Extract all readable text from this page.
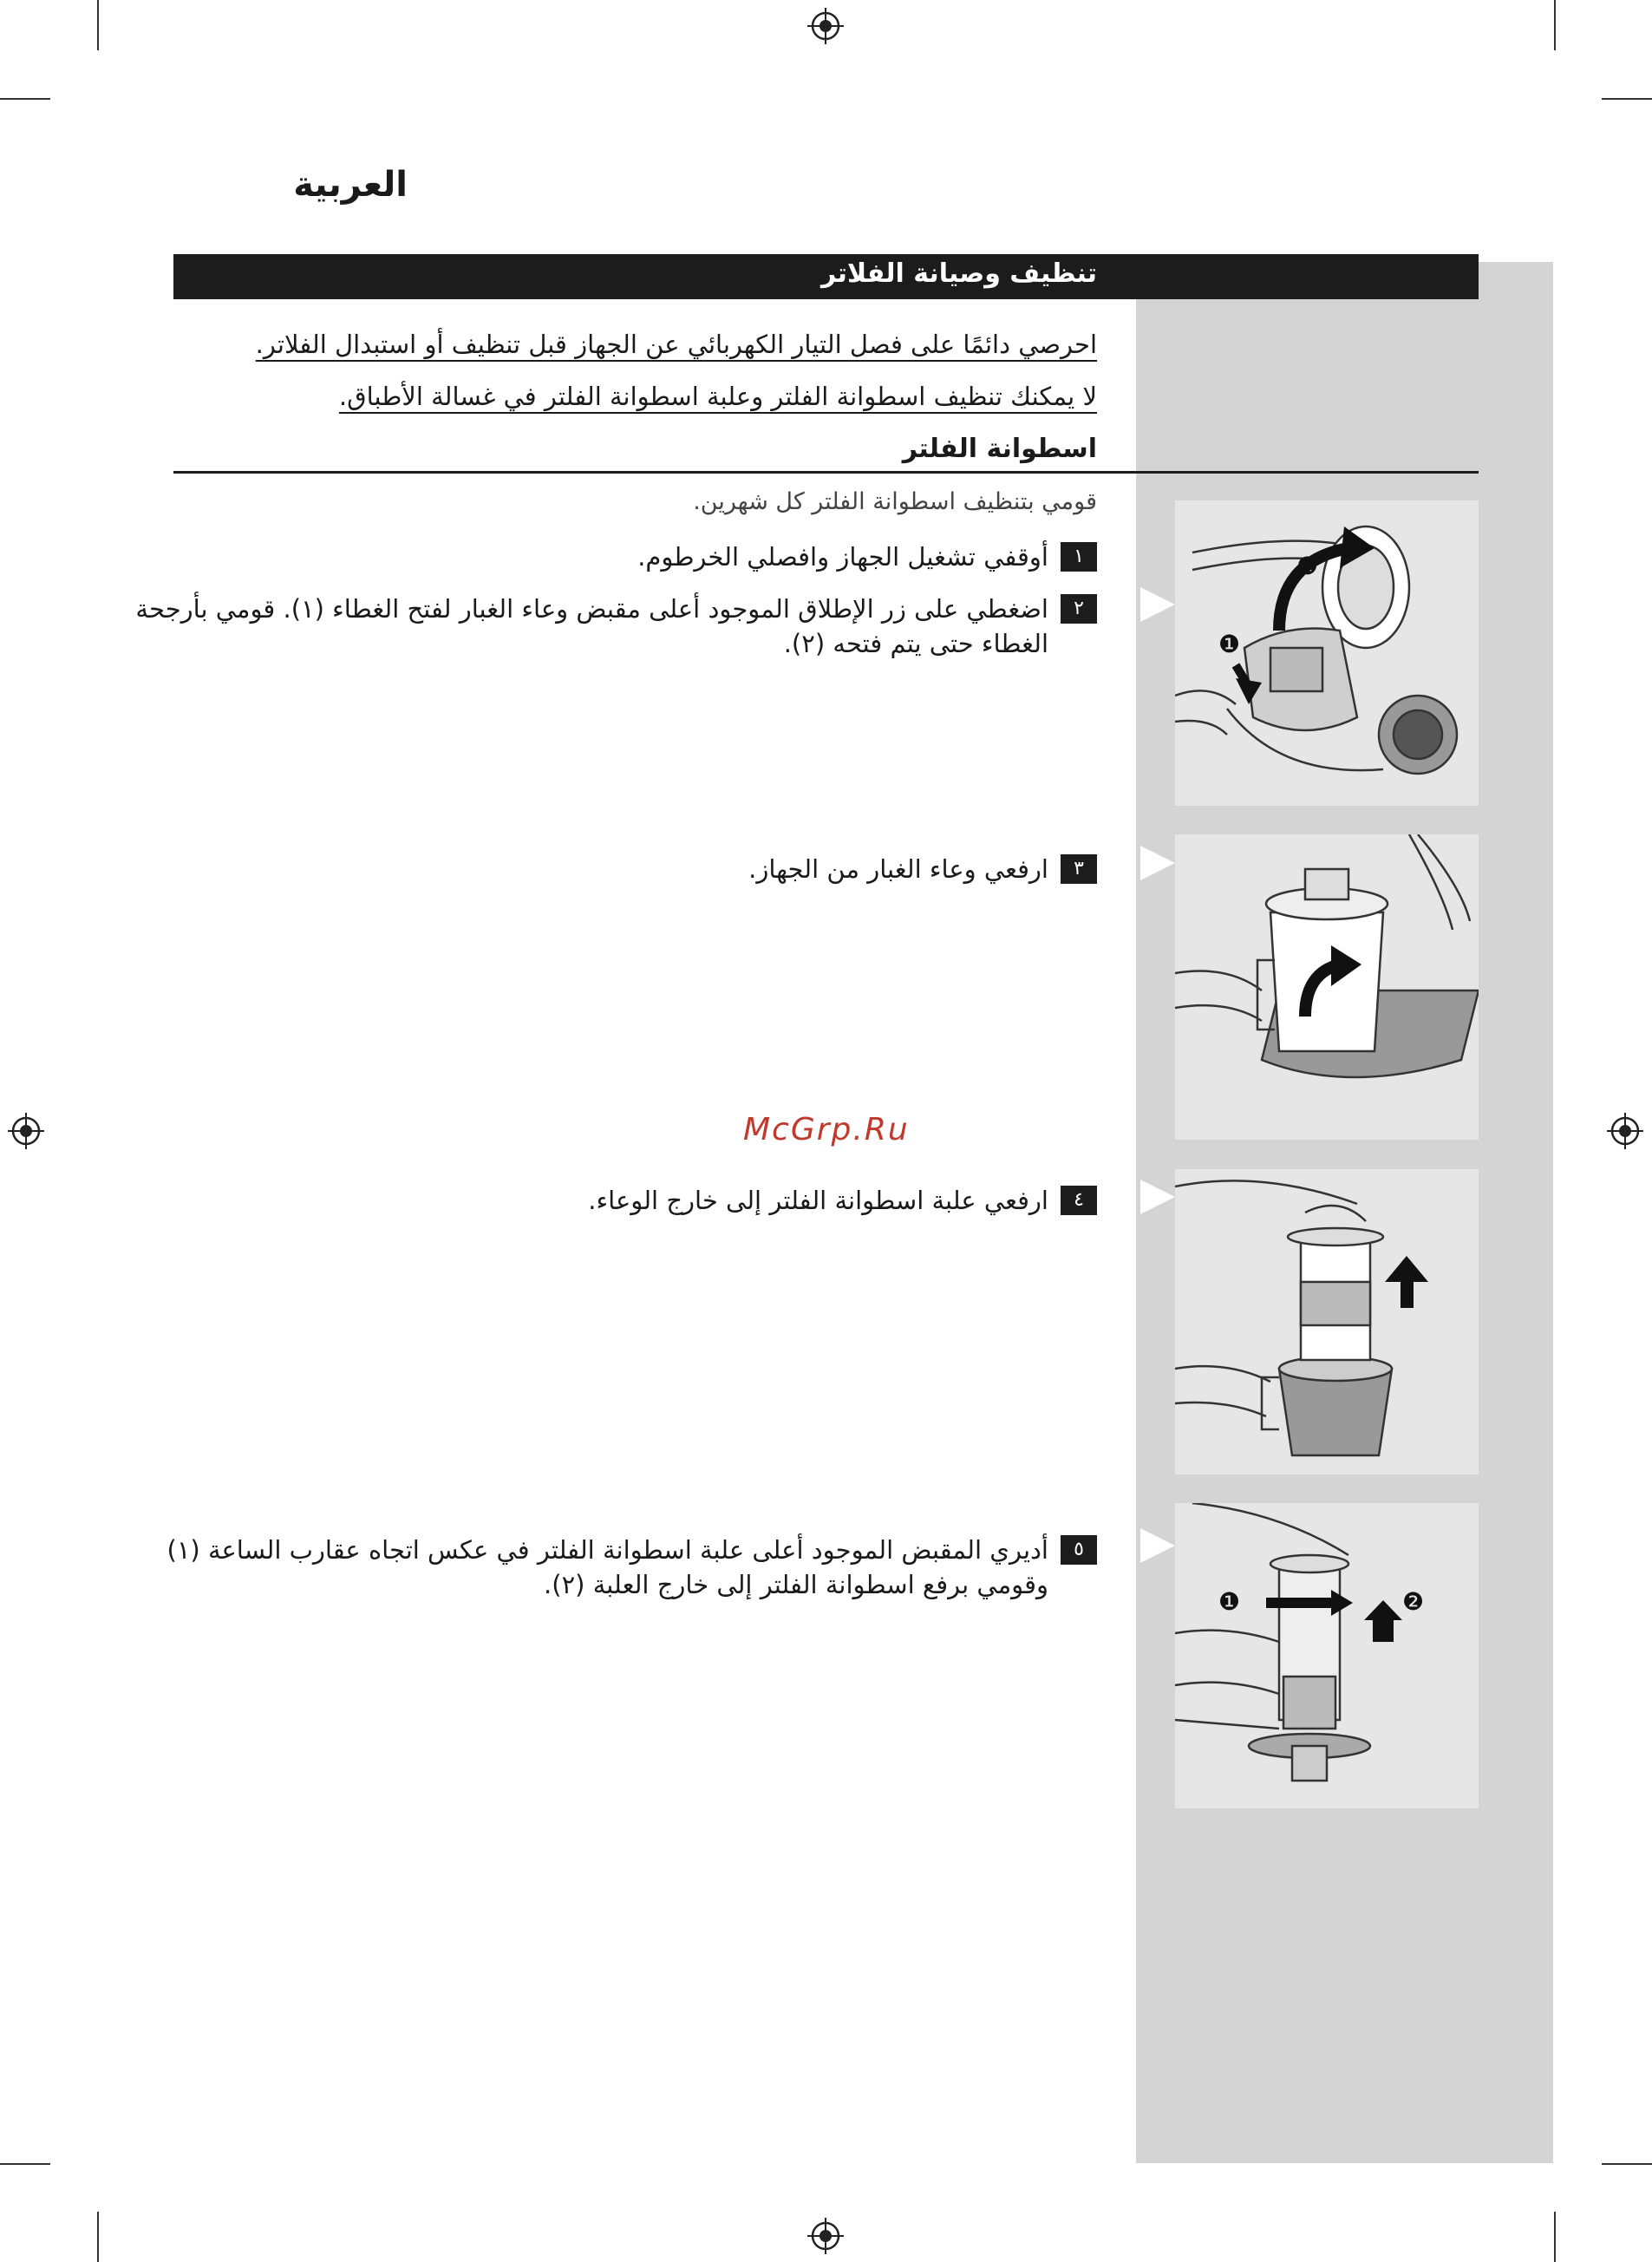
العربية
تنظيف وصيانة الفلاتر
احرصي دائمًا على فصل التيار الكهربائي عن الجهاز قبل تنظيف أو استبدال الفلاتر.
لا يمكنك تنظيف اسطوانة الفلتر وعلبة اسطوانة الفلتر في غسالة الأطباق.
اسطوانة الفلتر
قومي بتنظيف اسطوانة الفلتر كل شهرين.
١أوقفي تشغيل الجهاز وافصلي الخرطوم.
٢اضغطي على زر الإطلاق الموجود أعلى مقبض وعاء الغبار لفتح الغطاء (١). قومي بأرجحة
الغطاء حتى يتم فتحه (٢).
٣ارفعي وعاء الغبار من الجهاز.
٤ارفعي علبة اسطوانة الفلتر إلى خارج الوعاء.
٥أديري المقبض الموجود أعلى علبة اسطوانة الفلتر في عكس اتجاه عقارب الساعة (١)
وقومي برفع اسطوانة الفلتر إلى خارج العلبة (٢).
McGrp.Ru
❷
❶
❶	❷
